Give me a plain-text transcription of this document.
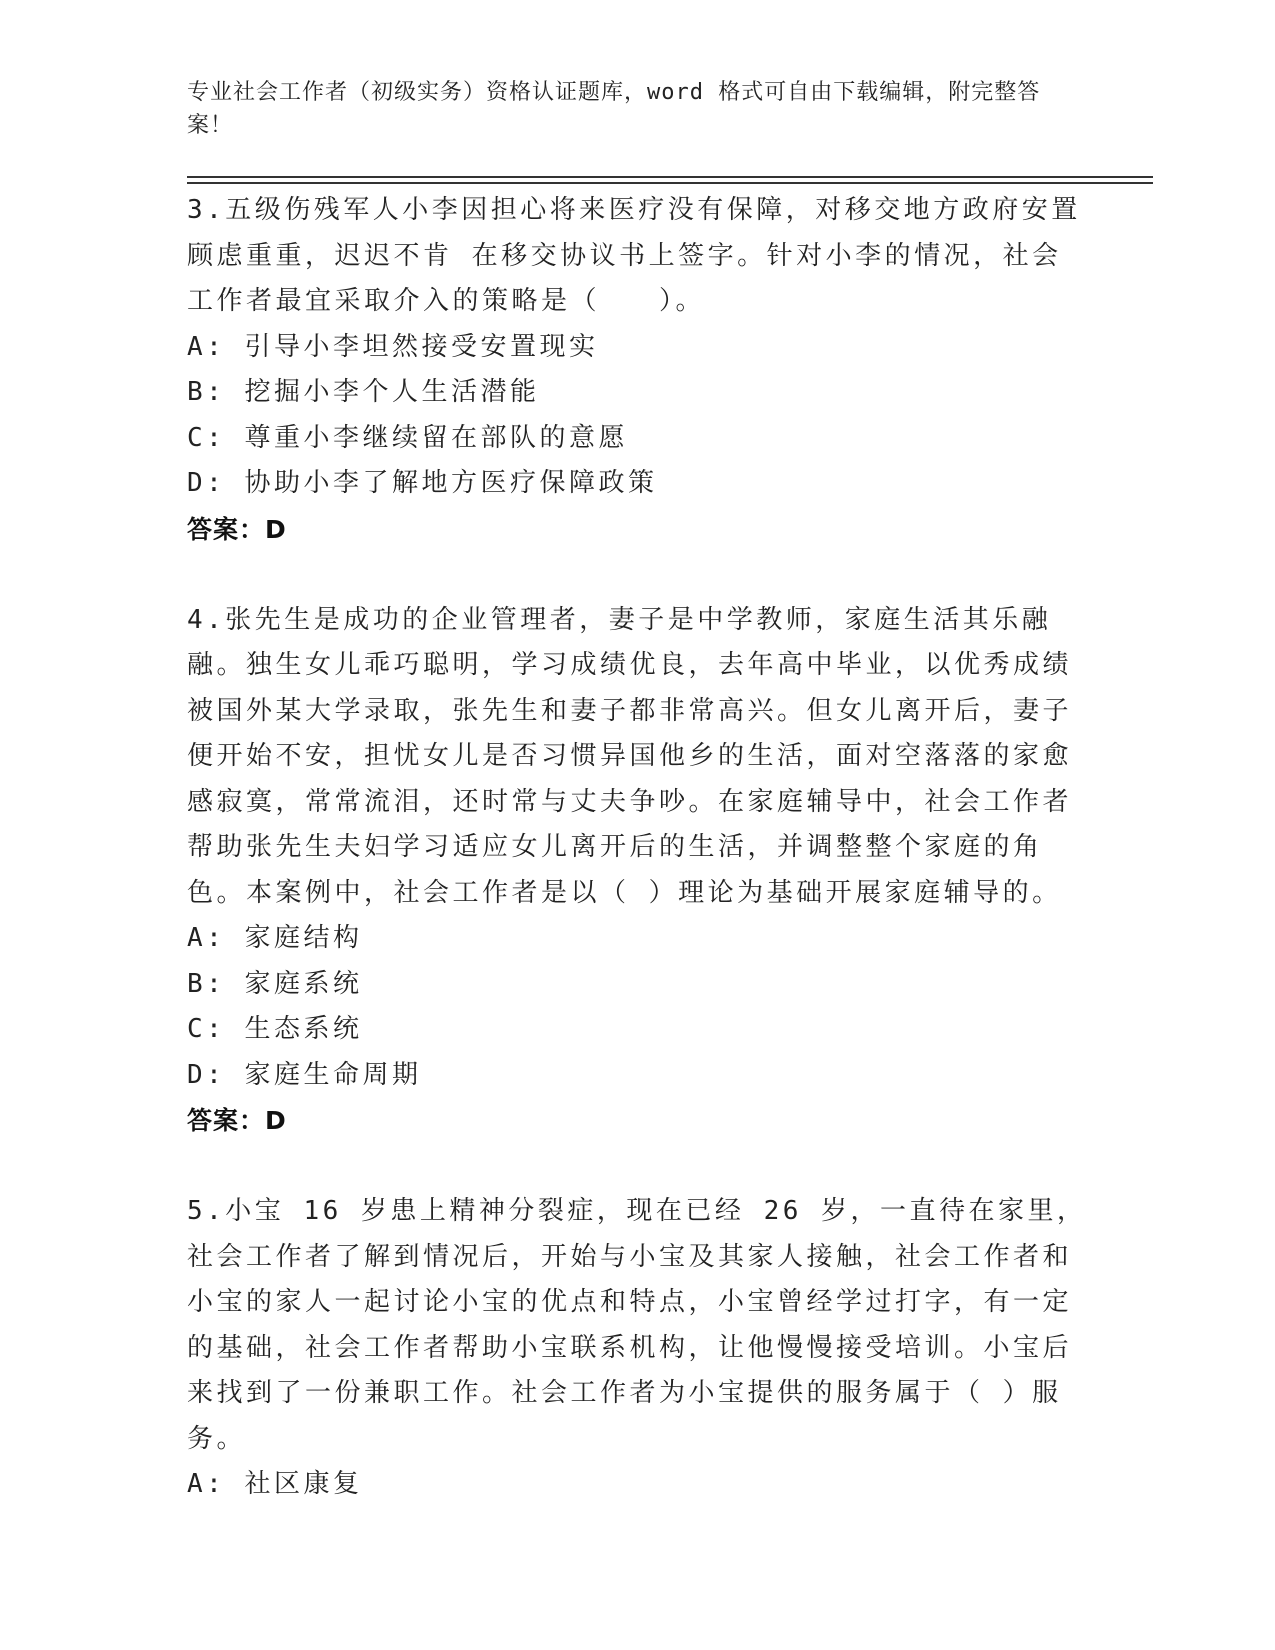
专业社会工作者（初级实务）资格认证题库，word 格式可自由下载编辑，附完整答案！
3.五级伤残军人小李因担心将来医疗没有保障，对移交地方政府安置顾虑重重，迟迟不肯 在移交协议书上签字。针对小李的情况，社会工作者最宜采取介入的策略是（　　）。
A: 引导小李坦然接受安置现实
B: 挖掘小李个人生活潜能
C: 尊重小李继续留在部队的意愿
D: 协助小李了解地方医疗保障政策
答案：D
4.张先生是成功的企业管理者，妻子是中学教师，家庭生活其乐融融。独生女儿乖巧聪明，学习成绩优良，去年高中毕业，以优秀成绩被国外某大学录取，张先生和妻子都非常高兴。但女儿离开后，妻子便开始不安，担忧女儿是否习惯异国他乡的生活，面对空落落的家愈感寂寞，常常流泪，还时常与丈夫争吵。在家庭辅导中，社会工作者帮助张先生夫妇学习适应女儿离开后的生活，并调整整个家庭的角色。本案例中，社会工作者是以（ ）理论为基础开展家庭辅导的。
A: 家庭结构
B: 家庭系统
C: 生态系统
D: 家庭生命周期
答案：D
5.小宝 16 岁患上精神分裂症，现在已经 26 岁，一直待在家里，社会工作者了解到情况后，开始与小宝及其家人接触，社会工作者和小宝的家人一起讨论小宝的优点和特点，小宝曾经学过打字，有一定的基础，社会工作者帮助小宝联系机构，让他慢慢接受培训。小宝后来找到了一份兼职工作。社会工作者为小宝提供的服务属于（ ）服务。
A: 社区康复
